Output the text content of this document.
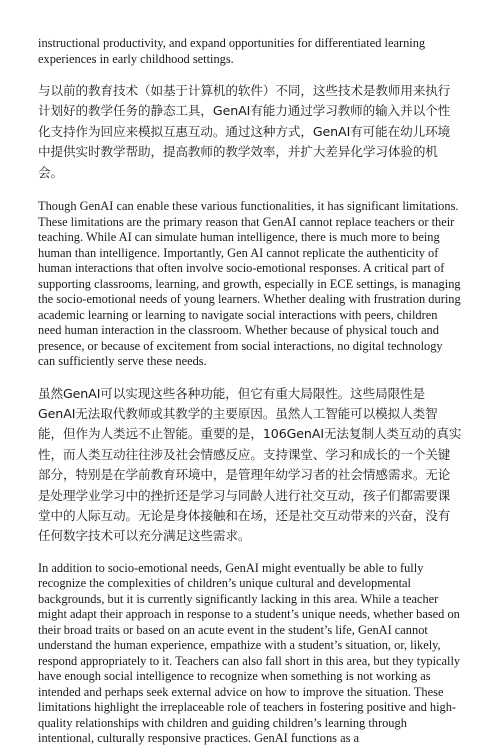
instructional productivity, and expand opportunities for differentiated learning experiences in early childhood settings.

与以前的教育技术（如基于计算机的软件）不同，这些技术是教师用来执行计划好的教学任务的静态工具，GenAI有能力通过学习教师的输入并以个性化支持作为回应来模拟互惠互动。通过这种方式，GenAI有可能在幼儿环境中提供实时教学帮助，提高教师的教学效率，并扩大差异化学习体验的机会。

Though GenAI can enable these various functionalities, it has significant limitations. These limitations are the primary reason that GenAI cannot replace teachers or their teaching. While AI can simulate human intelligence, there is much more to being human than intelligence. Importantly, Gen AI cannot replicate the authenticity of human interactions that often involve socio-emotional responses. A critical part of supporting classrooms, learning, and growth, especially in ECE settings, is managing the socio-emotional needs of young learners. Whether dealing with frustration during academic learning or learning to navigate social interactions with peers, children need human interaction in the classroom. Whether because of physical touch and presence, or because of excitement from social interactions, no digital technology can sufficiently serve these needs.

虽然GenAI可以实现这些各种功能，但它有重大局限性。这些局限性是GenAI无法取代教师或其教学的主要原因。虽然人工智能可以模拟人类智能，但作为人类远不止智能。重要的是，106GenAI无法复制人类互动的真实性，而人类互动往往涉及社会情感反应。支持课堂、学习和成长的一个关键部分，特别是在学前教育环境中，是管理年幼学习者的社会情感需求。无论是处理学业学习中的挫折还是学习与同龄人进行社交互动，孩子们都需要课堂中的人际互动。无论是身体接触和在场，还是社交互动带来的兴奋，没有任何数字技术可以充分满足这些需求。

In addition to socio-emotional needs, GenAI might eventually be able to fully recognize the complexities of children’s unique cultural and developmental backgrounds, but it is currently significantly lacking in this area. While a teacher might adapt their approach in response to a student’s unique needs, whether based on their broad traits or based on an acute event in the student’s life, GenAI cannot understand the human experience, empathize with a student’s situation, or, likely, respond appropriately to it. Teachers can also fall short in this area, but they typically have enough social intelligence to recognize when something is not working as intended and perhaps seek external advice on how to improve the situation. These limitations highlight the irreplaceable role of teachers in fostering positive and high-quality relationships with children and guiding children’s learning through intentional, culturally responsive practices. GenAI functions as a
